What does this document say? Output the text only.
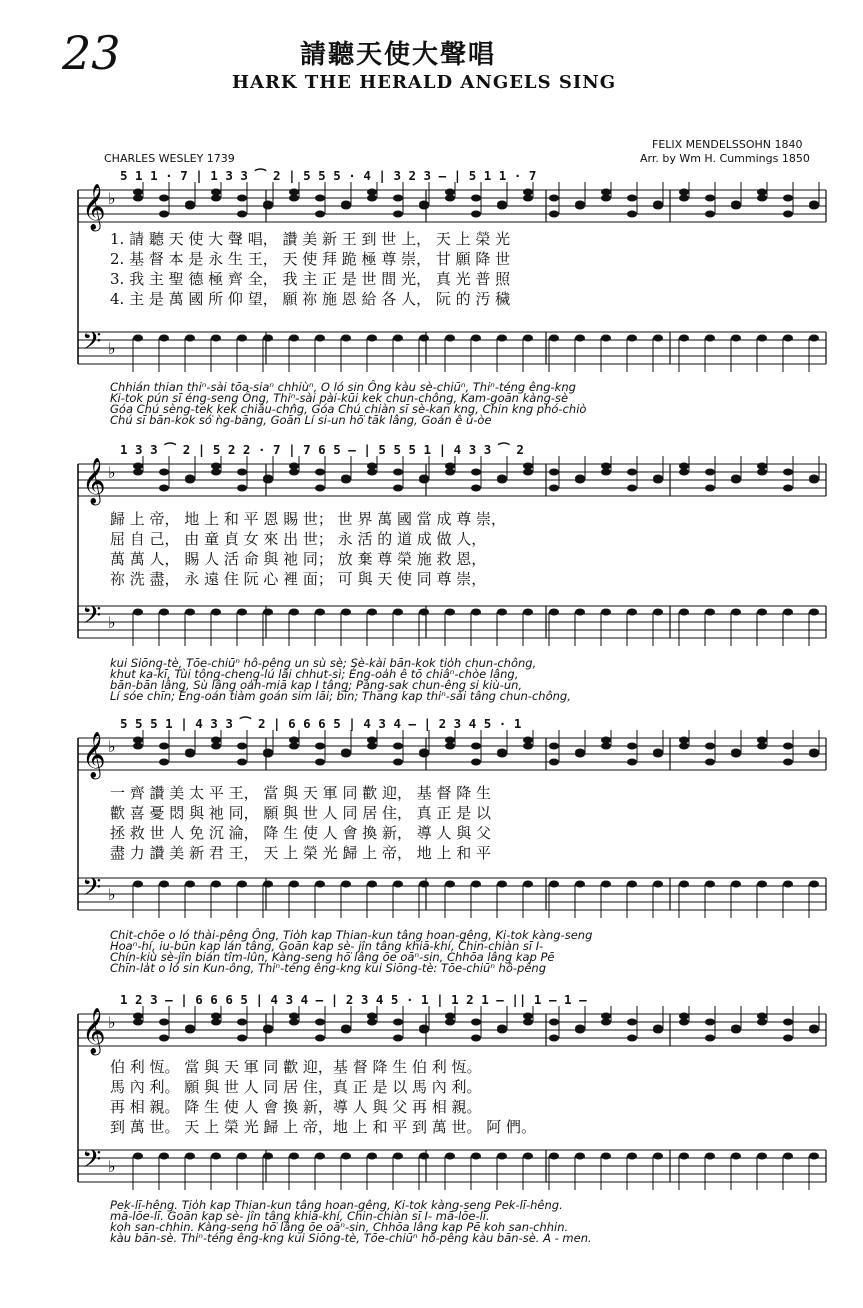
23	請聽天使大聲唱
HARK THE HERALD ANGELS SING
FELIX MENDELSSOHN 1840
Arr. by Wm H. Cummings 1850
CHARLES WESLEY 1739
𝄞 ♭
𝄢 ♭
𝄞 ♭
𝄢 ♭
𝄞 ♭
𝄢 ♭
𝄞 ♭
𝄢 ♭
5 1 1 · 7 | 1 3 3 ⁀ 2 | 5 5 5 · 4 | 3 2 3 — | 5 1 1 · 7
1. 請 聽 天 使 大 聲 唱， 讚 美 新 王 到 世 上， 天 上 榮 光
2. 基 督 本 是 永 生 王， 天 使 拜 跪 極 尊 崇， 甘 願 降 世
3. 我 主 聖 德 極 齊 全， 我 主 正 是 世 間 光， 真 光 普 照
4. 主 是 萬 國 所 仰 望， 願 祢 施 恩 給 各 人， 阮 的 汚 穢
Chhián thian thiⁿ-sài tōa-siaⁿ chhiùⁿ, O ló sin Ông kàu sè-chiūⁿ, Thiⁿ-téng êng-kng
Ki-tok pún sī éng-seng Ông, Thiⁿ-sài pài-kūi kek chun-chông, Kam-goān kàng-sè
Góa Chú sèng-tek kek chiâu-chn̂g, Góa Chú chiàn sī sè-kan kng, Chin kng phó-chiò
Chú sī bān-kok só͘ ǹg-bāng, Goān Lí si-un hō͘ tāk lâng, Goán ê ù-òe
1 3 3 ⁀ 2 | 5 2 2 · 7 | 7 6 5 — | 5 5 5 1 | 4 3 3 ⁀ 2
歸 上 帝， 地 上 和 平 恩 賜 世； 世 界 萬 國 當 成 尊 崇，
屈 自 己， 由 童 貞 女 來 出 世； 永 活 的 道 成 做 人，
萬 萬 人， 賜 人 活 命 與 祂 同； 放 棄 尊 榮 施 救 恩，
祢 洗 盡， 永 遠 住 阮 心 裡 面； 可 與 天 使 同 尊 崇，
kui Siōng-tè, Tōe-chiūⁿ hô-pêng un sù sè; Sè-kài bān-kok tio̍h chun-chông,
khut ka-kī, Tùi tông-cheng-lú lâi chhut-sì; Éng-oa̍h ê tō chiâⁿ-chòe lâng,
bān-bān lâng, Sù lâng oa̍h-miā kap I tâng; Pàng-sak chun-êng si kiù-un,
Lí sóe chīn; Éng-oán tiàm goán sim lāi; bīn; Thang kap thiⁿ-sài tâng chun-chông,
5 5 5 1 | 4 3 3 ⁀ 2 | 6 6 6 5 | 4 3 4 — | 2 3 4 5 · 1
一 齊 讚 美 太 平 王， 當 與 天 軍 同 歡 迎， 基 督 降 生
歡 喜 憂 悶 與 祂 同， 願 與 世 人 同 居 住， 真 正 是 以
拯 救 世 人 免 沉 淪， 降 生 使 人 會 換 新， 導 人 與 父
盡 力 讚 美 新 君 王， 天 上 榮 光 歸 上 帝， 地 上 和 平
Chit-chōe o ló thài-pêng Ông, Tio̍h kap Thian-kun tâng hoan-gêng, Ki-tok kàng-seng
Hoaⁿ-hí, iu-būn kap lán tâng, Goān kap sè- jîn tâng khiā-khí, Chin-chiàn sī I-
Chín-kiù sè-jîn bián tîm-lûn, Kàng-seng hō͘ lâng ōe oāⁿ-sin, Chhōa lâng kap Pē
Chīn-la̍t o ló sin Kun-ông, Thiⁿ-téng êng-kng kui Siōng-tè: Tōe-chiūⁿ hô-pêng
1 2 3 — | 6 6 6 5 | 4 3 4 — | 2 3 4 5 · 1 | 1 2 1 — || 1 — 1 —
伯 利 恆。 當 與 天 軍 同 歡 迎，基 督 降 生 伯 利 恆。
馬 內 利。 願 與 世 人 同 居 住，真 正 是 以 馬 內 利。
再 相 親。 降 生 使 人 會 換 新，導 人 與 父 再 相 親。
到 萬 世。 天 上 榮 光 歸 上 帝，地 上 和 平 到 萬 世。 阿 們。
Pek-lī-hêng. Tio̍h kap Thian-kun tâng hoan-gêng, Ki-tok kàng-seng Pek-lī-hêng.
mā-lōe-lī. Goān kap sè- jîn tâng khiā-khí, Chin-chiàn sī I- mā-lōe-lī.
koh san-chhin. Kàng-seng hō͘ lâng ōe oāⁿ-sin, Chhōa lâng kap Pē koh san-chhin.
kàu bān-sè. Thiⁿ-téng êng-kng kui Siōng-tè, Tōe-chiūⁿ hô-pêng kàu bān-sè. A - men.
